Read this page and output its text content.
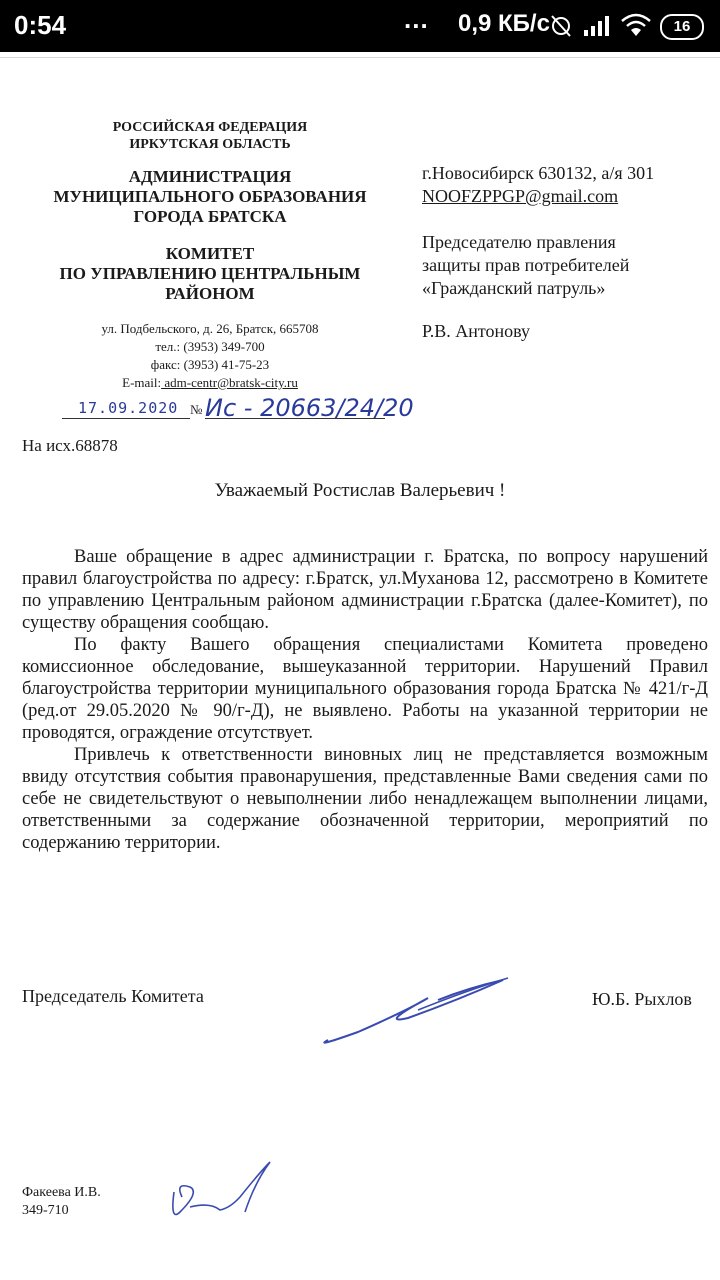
0:54	... 0,9 КБ/с	16
РОССИЙСКАЯ ФЕДЕРАЦИЯ
ИРКУТСКАЯ ОБЛАСТЬ
АДМИНИСТРАЦИЯ
МУНИЦИПАЛЬНОГО ОБРАЗОВАНИЯ
ГОРОДА БРАТСКА
КОМИТЕТ
ПО УПРАВЛЕНИЮ ЦЕНТРАЛЬНЫМ
РАЙОНОМ
ул. Подбельского, д. 26, Братск, 665708
тел.: (3953) 349-700
факс: (3953) 41-75-23
E-mail: adm-centr@bratsk-city.ru
17.09.2020 № Ис - 20663/24/20
На исх.68878
г.Новосибирск 630132, а/я 301
NOOFZPPGP@gmail.com
Председателю правления
защиты прав потребителей
«Гражданский патруль»
Р.В. Антонову
Уважаемый Ростислав Валерьевич !

Ваше обращение в адрес администрации г. Братска, по вопросу нарушений правил благоустройства по адресу: г.Братск, ул.Муханова 12, рассмотрено в Комитете по управлению Центральным районом администрации г.Братска (далее-Комитет), по существу обращения сообщаю.

По факту Вашего обращения специалистами Комитета проведено комиссионное обследование, вышеуказанной территории. Нарушений Правил благоустройства территории муниципального образования города Братска № 421/г-Д (ред.от 29.05.2020 № 90/г-Д), не выявлено. Работы на указанной территории не проводятся, ограждение отсутствует.

Привлечь к ответственности виновных лиц не представляется возможным ввиду отсутствия события правонарушения, представленные Вами сведения сами по себе не свидетельствуют о невыполнении либо ненадлежащем выполнении лицами, ответственными за содержание обозначенной территории, мероприятий по содержанию территории.

Председатель Комитета	Ю.Б. Рыхлов
Факеева И.В.
349-710
